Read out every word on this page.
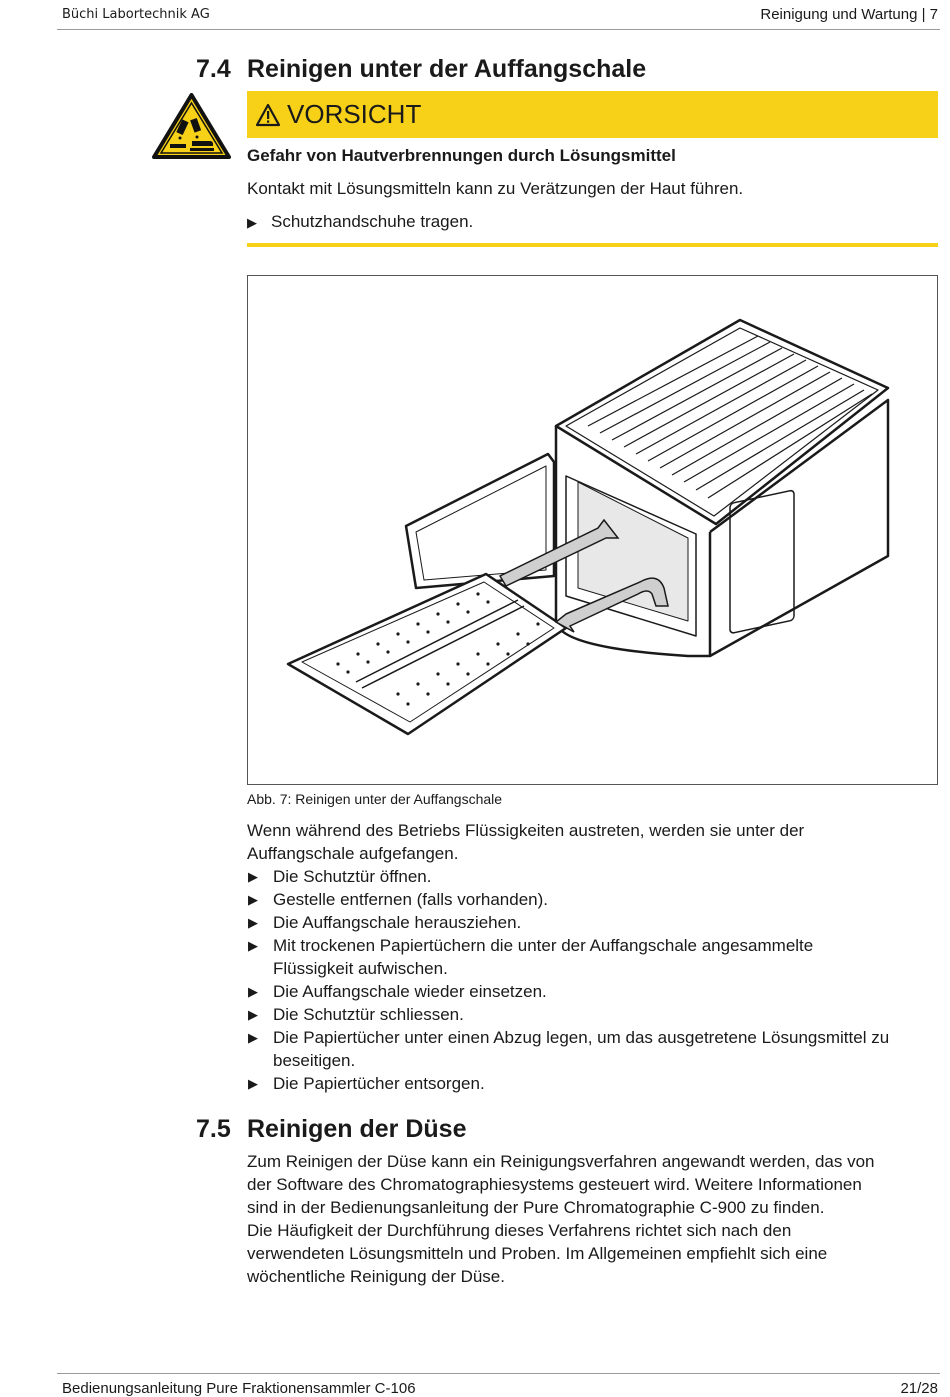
Büchi Labortechnik AG	Reinigung und Wartung | 7
7.4 Reinigen unter der Auffangschale
VORSICHT
Gefahr von Hautverbrennungen durch Lösungsmittel
Kontakt mit Lösungsmitteln kann zu Verätzungen der Haut führen.
▶ Schutzhandschuhe tragen.
Abb. 7: Reinigen unter der Auffangschale
Wenn während des Betriebs Flüssigkeiten austreten, werden sie unter der
Auffangschale aufgefangen.
▶ Die Schutztür öffnen.
▶ Gestelle entfernen (falls vorhanden).
▶ Die Auffangschale herausziehen.
▶ Mit trockenen Papiertüchern die unter der Auffangschale angesammelte
Flüssigkeit aufwischen.
▶ Die Auffangschale wieder einsetzen.
▶ Die Schutztür schliessen.
▶ Die Papiertücher unter einen Abzug legen, um das ausgetretene Lösungsmittel zu
beseitigen.
▶ Die Papiertücher entsorgen.
7.5 Reinigen der Düse
Zum Reinigen der Düse kann ein Reinigungsverfahren angewandt werden, das von
der Software des Chromatographiesystems gesteuert wird. Weitere Informationen
sind in der Bedienungsanleitung der Pure Chromatographie C-900 zu finden.
Die Häufigkeit der Durchführung dieses Verfahrens richtet sich nach den
verwendeten Lösungsmitteln und Proben. Im Allgemeinen empfiehlt sich eine
wöchentliche Reinigung der Düse.
Bedienungsanleitung Pure Fraktionensammler C-106	21/28
